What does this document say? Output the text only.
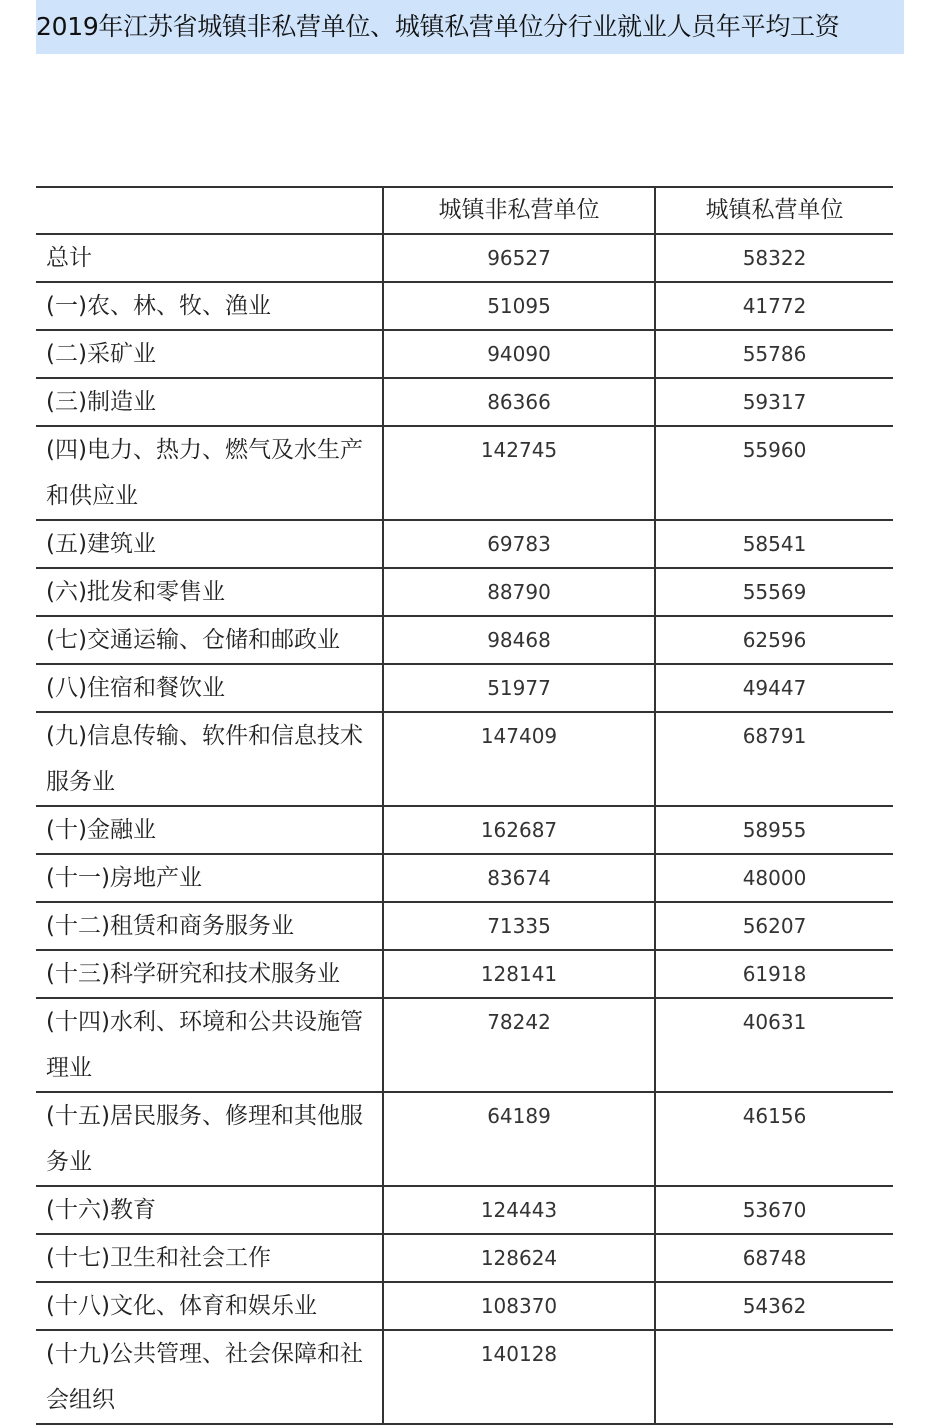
2019年江苏省城镇非私营单位、城镇私营单位分行业就业人员年平均工资
	城镇非私营单位	城镇私营单位
总计	96527	58322
(一)农、林、牧、渔业	51095	41772
(二)采矿业	94090	55786
(三)制造业	86366	59317
(四)电力、热力、燃气及水生产和供应业	142745	55960
(五)建筑业	69783	58541
(六)批发和零售业	88790	55569
(七)交通运输、仓储和邮政业	98468	62596
(八)住宿和餐饮业	51977	49447
(九)信息传输、软件和信息技术服务业	147409	68791
(十)金融业	162687	58955
(十一)房地产业	83674	48000
(十二)租赁和商务服务业	71335	56207
(十三)科学研究和技术服务业	128141	61918
(十四)水利、环境和公共设施管理业	78242	40631
(十五)居民服务、修理和其他服务业	64189	46156
(十六)教育	124443	53670
(十七)卫生和社会工作	128624	68748
(十八)文化、体育和娱乐业	108370	54362
(十九)公共管理、社会保障和社会组织	140128	
